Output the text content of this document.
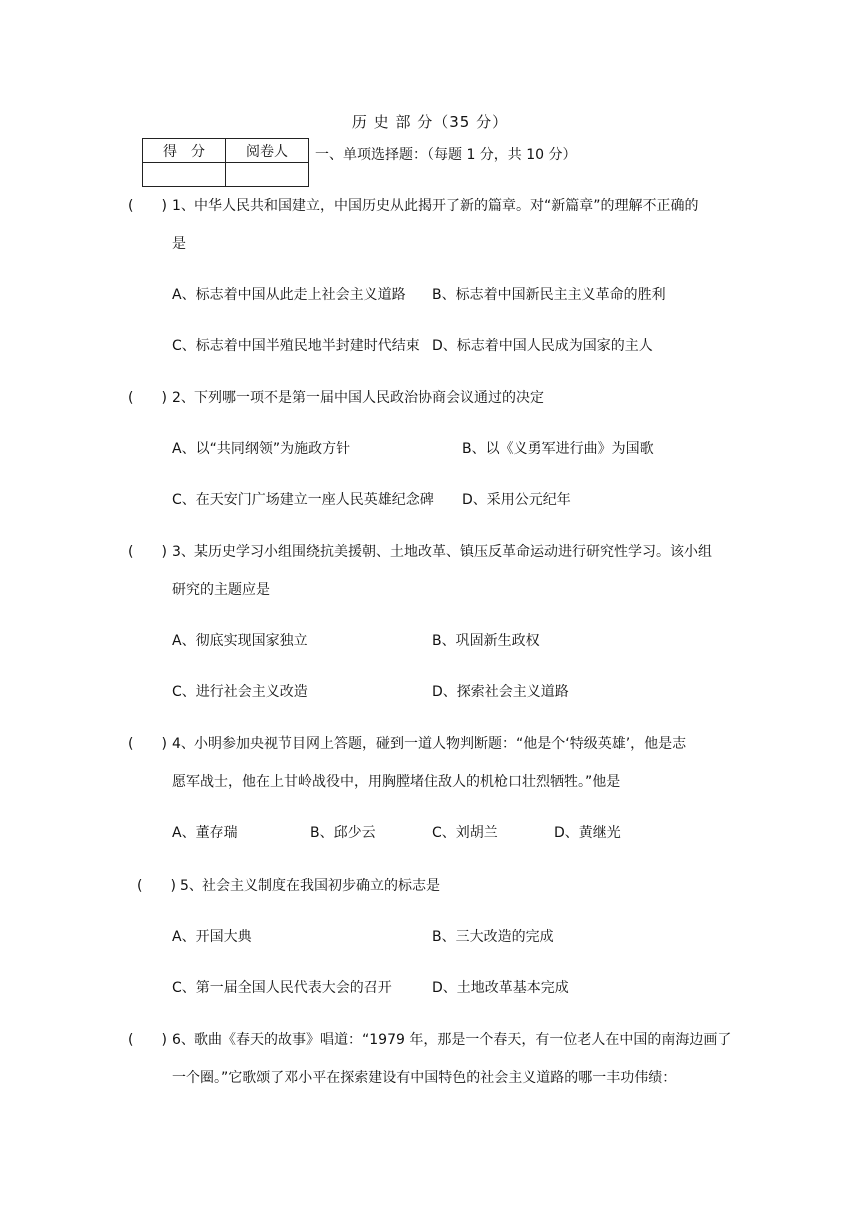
历 史 部 分（35 分）
得　分	阅卷人
	一、单项选择题：（每题 1 分，共 10 分）
(　　) 1、 中华人民共和国建立，中国历史从此揭开了新的篇章。对“新篇章”的理解不正确的
是
A、标志着中国从此走上社会主义道路 B、标志着中国新民主主义革命的胜利
C、标志着中国半殖民地半封建时代结束 D、标志着中国人民成为国家的主人
(　　) 2、 下列哪一项不是第一届中国人民政治协商会议通过的决定
A、以“共同纲领”为施政方针	B、以《义勇军进行曲》为国歌
C、在天安门广场建立一座人民英雄纪念碑 D、采用公元纪年
(　　) 3、 某历史学习小组围绕抗美援朝、土地改革、镇压反革命运动进行研究性学习。该小组
研究的主题应是
A、彻底实现国家独立	B、巩固新生政权
C、进行社会主义改造	D、探索社会主义道路
(　　) 4、 小明参加央视节目网上答题，碰到一道人物判断题：“他是个‘特级英雄’，他是志
愿军战士，他在上甘岭战役中，用胸膛堵住敌人的机枪口壮烈牺牲。”他是
A、董存瑞	B、邱少云	C、刘胡兰	D、黄继光
(　　) 5、 社会主义制度在我国初步确立的标志是
A、开国大典	B、三大改造的完成
C、第一届全国人民代表大会的召开	D、土地改革基本完成
(　　) 6、 歌曲《春天的故事》唱道：“1979 年，那是一个春天，有一位老人在中国的南海边画了
一个圈。”它歌颂了邓小平在探索建设有中国特色的社会主义道路的哪一丰功伟绩：
